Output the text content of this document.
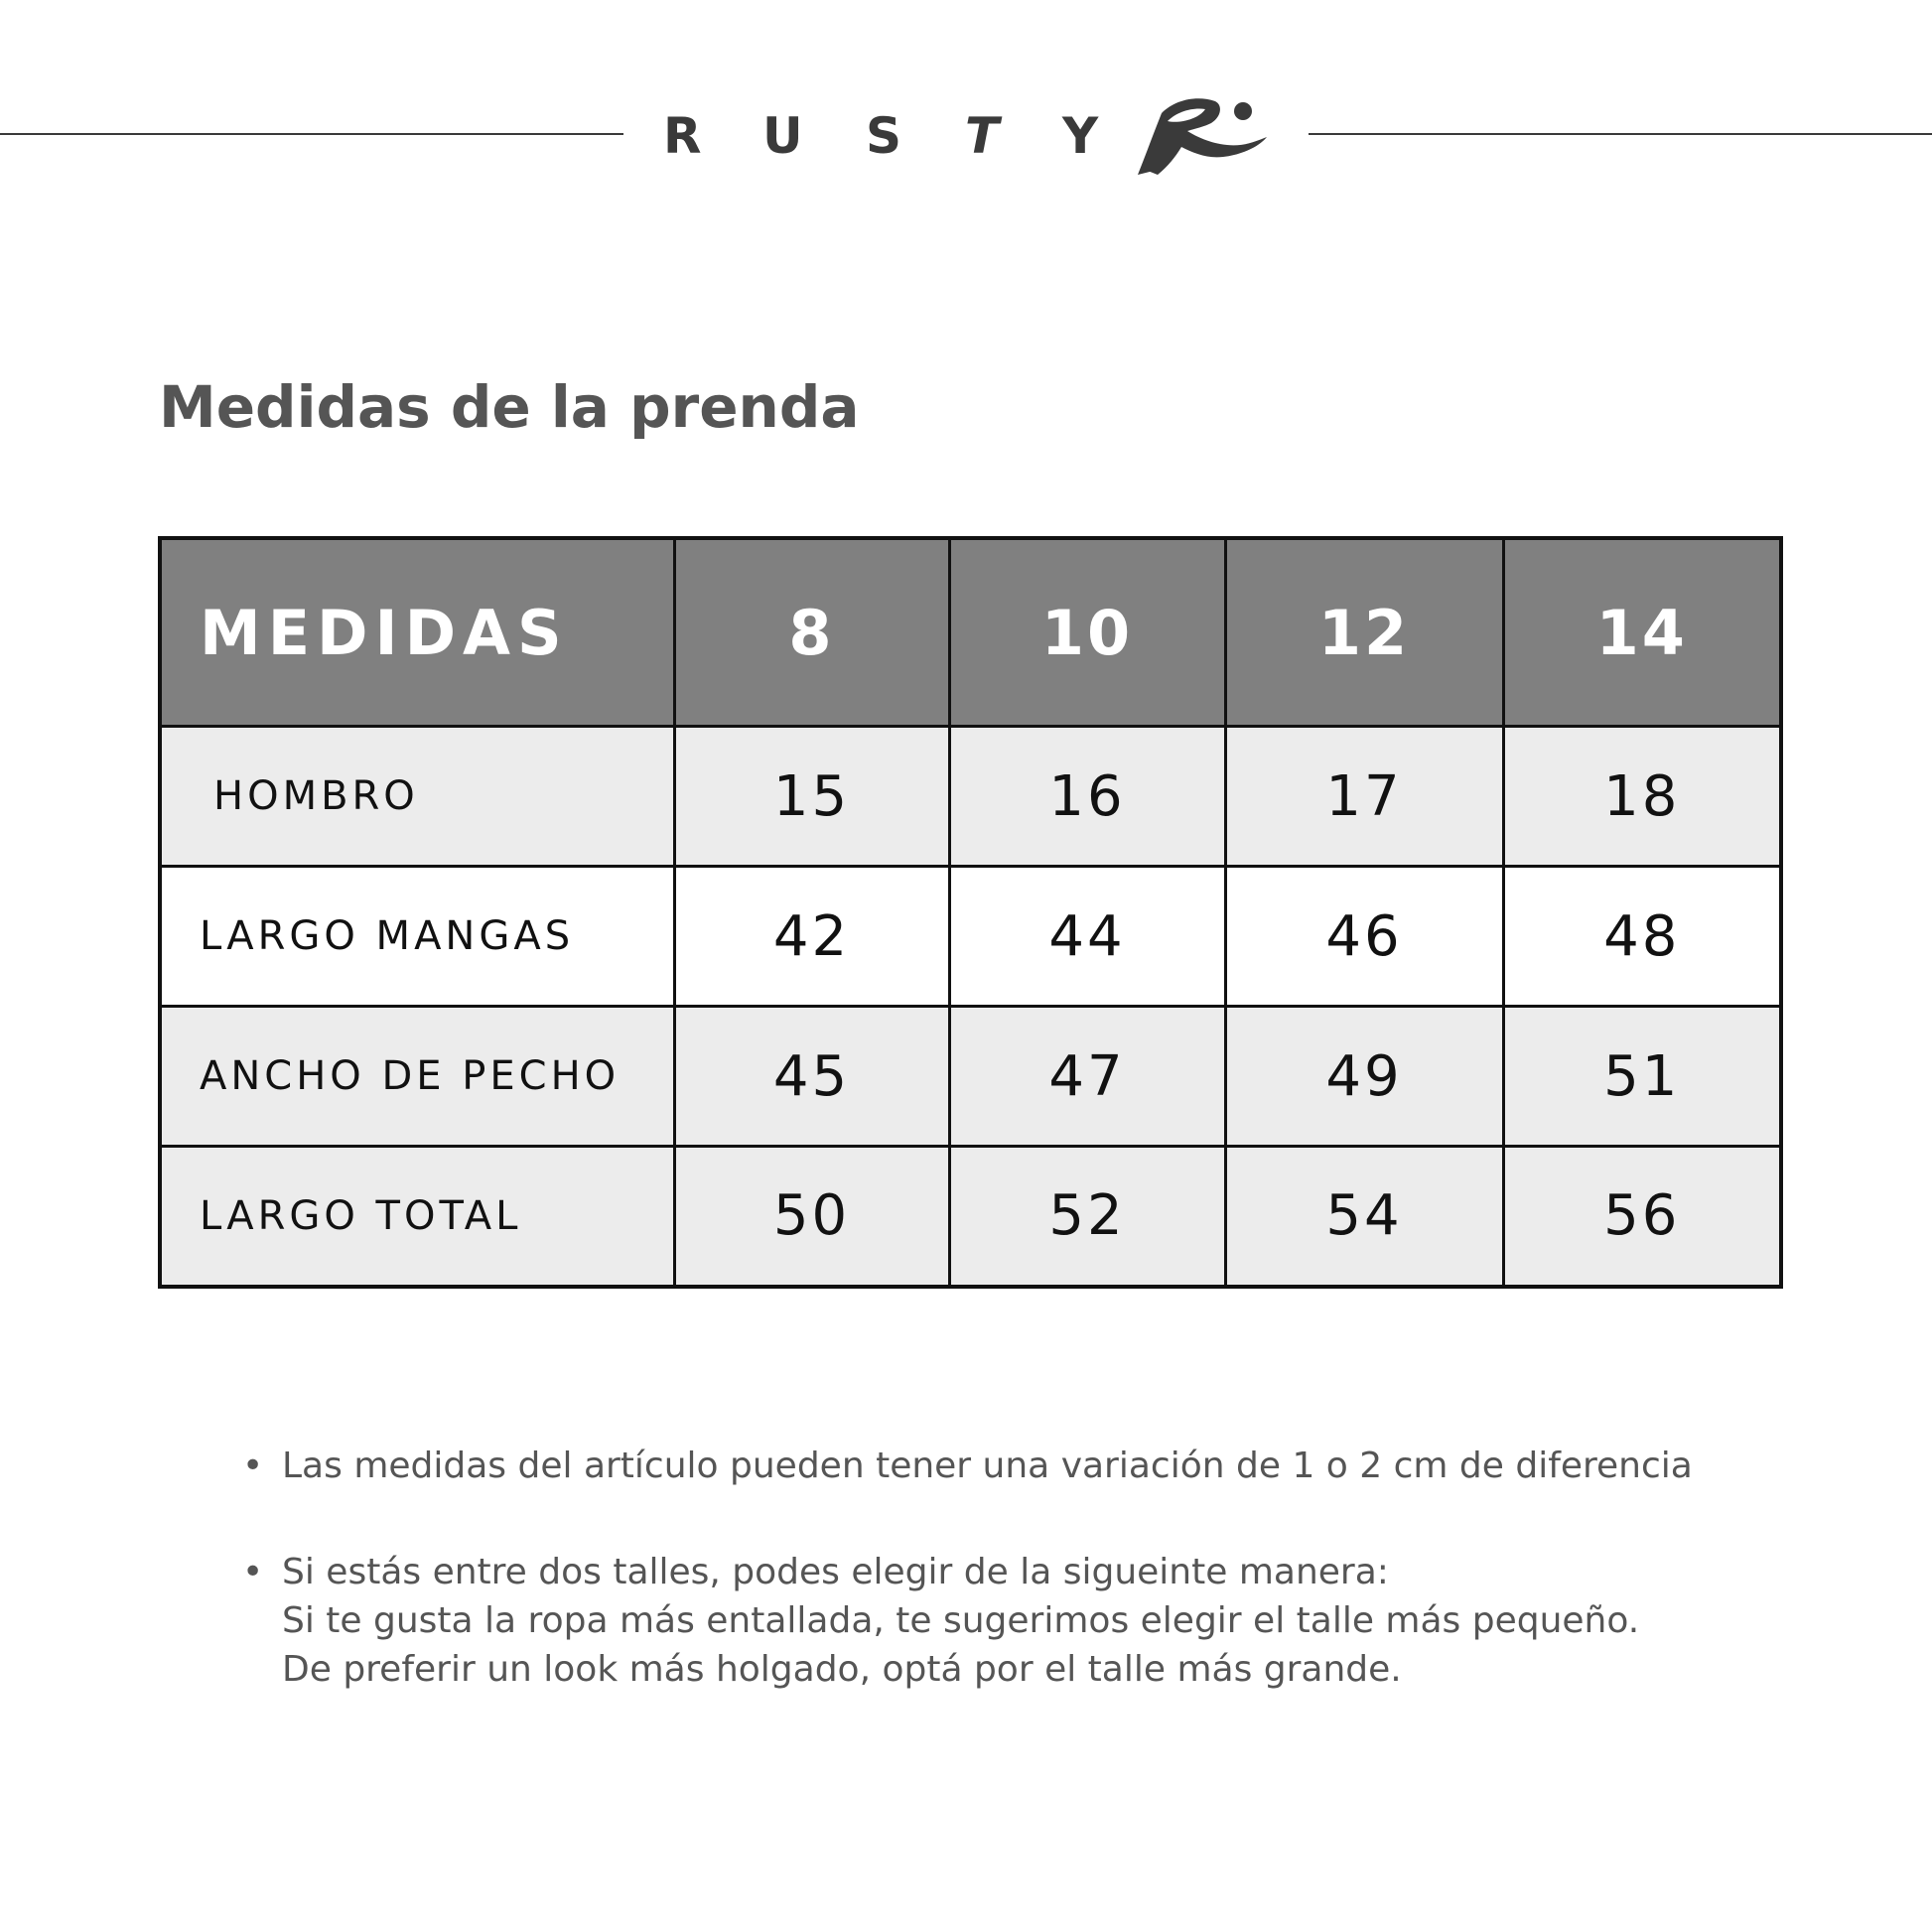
R U S T Y
Medidas de la prenda
MEDIDAS	8	10	12	14
HOMBRO	15	16	17	18
LARGO MANGAS	42	44	46	48
ANCHO DE PECHO	45	47	49	51
LARGO TOTAL	50	52	54	56
• Las medidas del artículo pueden tener una variación de 1 o 2 cm de diferencia
• Si estás entre dos talles, podes elegir de la sigueinte manera:
Si te gusta la ropa más entallada, te sugerimos elegir el talle más pequeño.
De preferir un look más holgado, optá por el talle más grande.
